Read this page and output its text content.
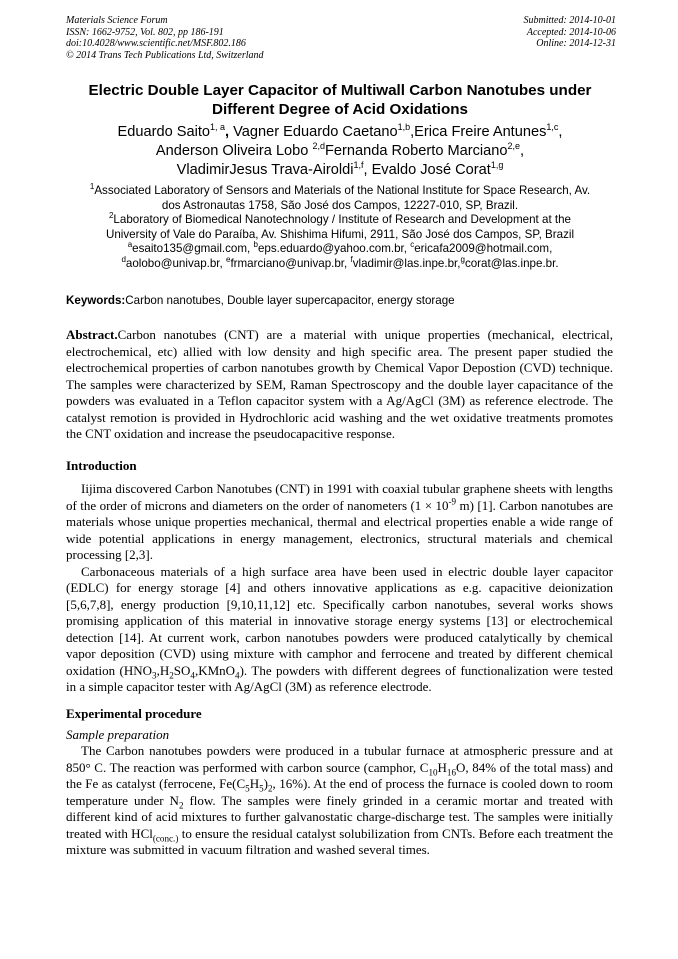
Materials Science Forum
ISSN: 1662-9752, Vol. 802, pp 186-191
doi:10.4028/www.scientific.net/MSF.802.186
© 2014 Trans Tech Publications Ltd, Switzerland
Submitted: 2014-10-01
Accepted: 2014-10-06
Online: 2014-12-31
Electric Double Layer Capacitor of Multiwall Carbon Nanotubes under
Different Degree of Acid Oxidations
Eduardo Saito$^{1, a}$, Vagner Eduardo Caetano$^{1,b}$,Erica Freire Antunes$^{1,c}$,
Anderson Oliveira Lobo $^{2,d}$Fernanda Roberto Marciano$^{2,e}$,
VladimirJesus Trava-Airoldi$^{1,f}$, Evaldo José Corat$^{1,g}$
$^1$Associated Laboratory of Sensors and Materials of the National Institute for Space Research, Av.
dos Astronautas 1758, São José dos Campos, 12227-010, SP, Brazil.
$^2$Laboratory of Biomedical Nanotechnology / Institute of Research and Development at the
University of Vale do Paraíba, Av. Shishima Hifumi, 2911, São José dos Campos, SP, Brazil
$^a$esaito135@gmail.com, $^b$eps.eduardo@yahoo.com.br, $^c$ericafa2009@hotmail.com,
$^d$aolobo@univap.br, $^e$frmarciano@univap.br, $^f$vladimir@las.inpe.br,$^g$corat@las.inpe.br.
Keywords:Carbon nanotubes, Double layer supercapacitor, energy storage

Abstract.Carbon nanotubes (CNT) are a material with unique properties (mechanical, electrical, electrochemical, etc) allied with low density and high specific area. The present paper studied the electrochemical properties of carbon nanotubes growth by Chemical Vapor Depostion (CVD) technique. The samples were characterized by SEM, Raman Spectroscopy and the double layer capacitance of the powders was evaluated in a Teflon capacitor system with a Ag/AgCl (3M) as reference electrode. The catalyst remotion is provided in Hydrochloric acid washing and the wet oxidative treatments promotes the CNT oxidation and increase the pseudocapacitive response.

Introduction

Iijima discovered Carbon Nanotubes (CNT) in 1991 with coaxial tubular graphene sheets with lengths of the order of microns and diameters on the order of nanometers ($1 \times 10^{-9}$ m) [1]. Carbon nanotubes are materials whose unique properties mechanical, thermal and electrical properties enable a wide range of wide potential applications in energy management, electronics, structural materials and chemical processing [2,3].

Carbonaceous materials of a high surface area have been used in electric double layer capacitor (EDLC) for energy storage [4] and others innovative applications as e.g. capacitive deionization [5,6,7,8], energy production [9,10,11,12] etc. Specifically carbon nanotubes, several works shows promising application of this material in innovative storage energy systems [13] or electrochemical detection [14]. At current work, carbon nanotubes powders were produced catalytically by chemical vapor deposition (CVD) using mixture with camphor and ferrocene and treated by different chemical oxidation $(HNO_3,H_2SO_4,KMnO_4)$. The powders with different degrees of functionalization were tested in a simple capacitor tester with Ag/AgCl (3M) as reference electrode.

Experimental procedure
Sample preparation

The Carbon nanotubes powders were produced in a tubular furnace at atmospheric pressure and at 850° C. The reaction was performed with carbon source (camphor, $C_{10}H_{16}O$, 84% of the total mass) and the Fe as catalyst (ferrocene, $Fe(C_5H_5)_2$, 16%). At the end of process the furnace is cooled down to room temperature under $N_2$ flow. The samples were finely grinded in a ceramic mortar and treated with different kind of acid mixtures to further galvanostatic charge-discharge test. The samples were initially treated with HCl$_{(conc.)}$ to ensure the residual catalyst solubilization from CNTs. Before each treatment the mixture was submitted in vacuum filtration and washed several times.
